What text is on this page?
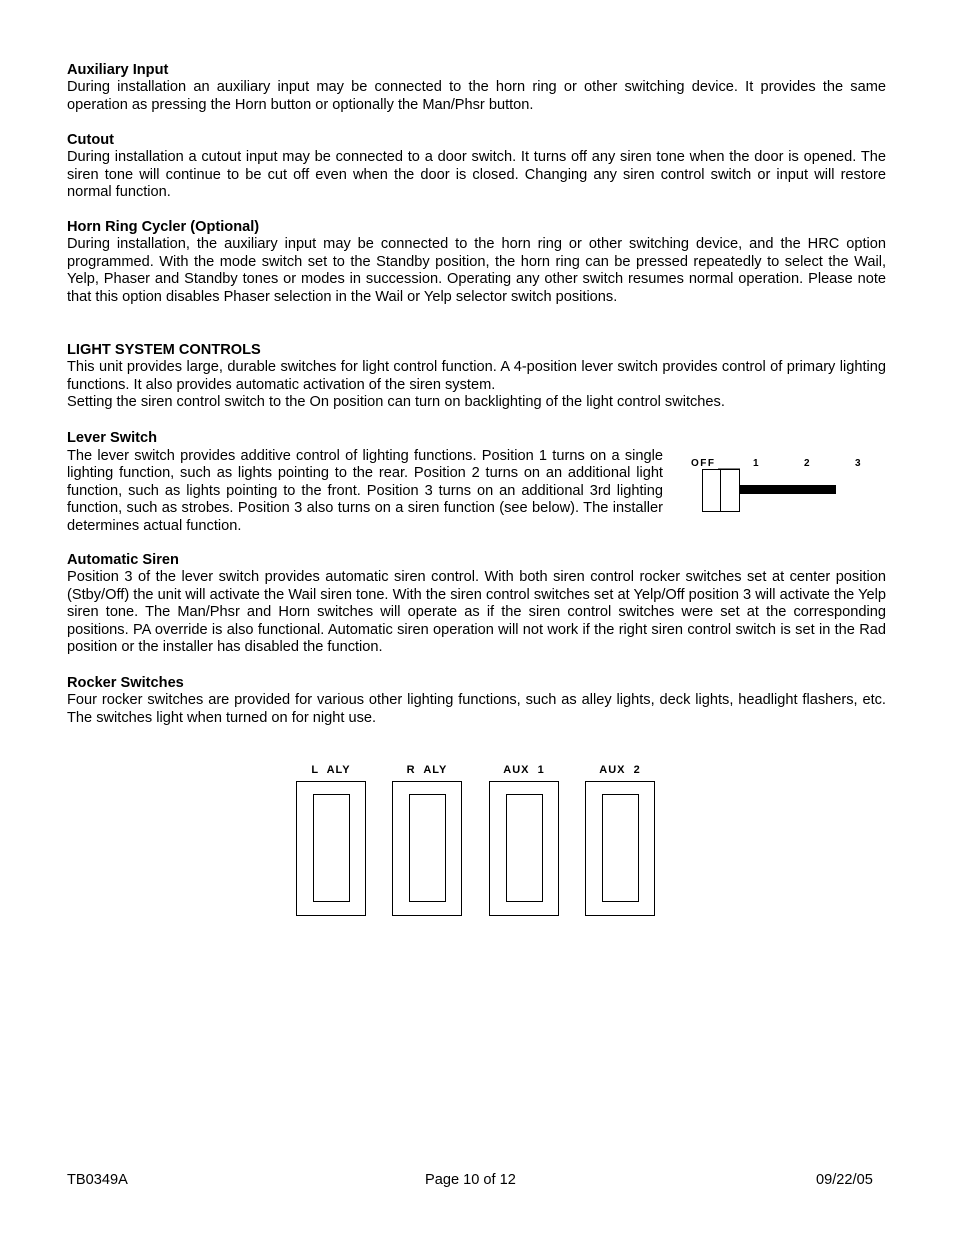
Auxiliary Input

During installation an auxiliary input may be connected to the horn ring or other switching device. It provides the same operation as pressing the Horn button or optionally the Man/Phsr button.

Cutout

During installation a cutout input may be connected to a door switch. It turns off any siren tone when the door is opened. The siren tone will continue to be cut off even when the door is closed. Changing any siren control switch or input will restore normal function.

Horn Ring Cycler (Optional)

During installation, the auxiliary input may be connected to the horn ring or other switching device, and the HRC option programmed. With the mode switch set to the Standby position, the horn ring can be pressed repeatedly to select the Wail, Yelp, Phaser and Standby tones or modes in succession. Operating any other switch resumes normal operation. Please note that this option disables Phaser selection in the Wail or Yelp selector switch positions.

LIGHT SYSTEM CONTROLS

This unit provides large, durable switches for light control function. A 4-position lever switch provides control of primary lighting functions. It also provides automatic activation of the siren system.

Setting the siren control switch to the On position can turn on backlighting of the light control switches.

Lever Switch

The lever switch provides additive control of lighting functions. Position 1 turns on a single lighting function, such as lights pointing to the rear. Position 2 turns on an additional light function, such as lights pointing to the front. Position 3 turns on an additional 3rd lighting function, such as strobes. Position 3 also turns on a siren function (see below). The installer determines actual function.

OFF	1	2	3
Automatic Siren

Position 3 of the lever switch provides automatic siren control. With both siren control rocker switches set at center position (Stby/Off) the unit will activate the Wail siren tone. With the siren control switches set at Yelp/Off position 3 will activate the Yelp siren tone. The Man/Phsr and Horn switches will operate as if the siren control switches were set at the corresponding positions. PA override is also functional. Automatic siren operation will not work if the right siren control switch is set in the Rad position or the installer has disabled the function.

Rocker Switches

Four rocker switches are provided for various other lighting functions, such as alley lights, deck lights, headlight flashers, etc. The switches light when turned on for night use.

L  ALY	R  ALY	AUX  1	AUX  2
TB0349A	Page 10 of 12	09/22/05
